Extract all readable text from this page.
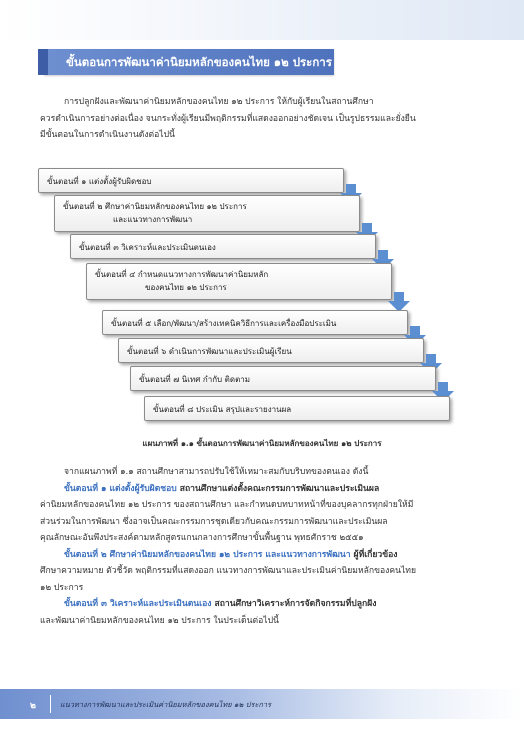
ขั้นตอนการพัฒนาค่านิยมหลักของคนไทย ๑๒ ประการ
การปลูกฝังและพัฒนาค่านิยมหลักของคนไทย ๑๒ ประการ ให้กับผู้เรียนในสถานศึกษา
ควรดำเนินการอย่างต่อเนื่อง จนกระทั่งผู้เรียนมีพฤติกรรมที่แสดงออกอย่างชัดเจน เป็นรูปธรรมและยั่งยืน
มีขั้นตอนในการดำเนินงานดังต่อไปนี้
ขั้นตอนที่ ๑ แต่งตั้งผู้รับผิดชอบ
ขั้นตอนที่ ๒ ศึกษาค่านิยมหลักของคนไทย ๑๒ ประการ
และแนวทางการพัฒนา
ขั้นตอนที่ ๓ วิเคราะห์และประเมินตนเอง
ขั้นตอนที่ ๔ กำหนดแนวทางการพัฒนาค่านิยมหลัก
ของคนไทย ๑๒ ประการ
ขั้นตอนที่ ๕ เลือก/พัฒนา/สร้างเทคนิควิธีการและเครื่องมือประเมิน
ขั้นตอนที่ ๖ ดำเนินการพัฒนาและประเมินผู้เรียน
ขั้นตอนที่ ๗ นิเทศ กำกับ ติดตาม
ขั้นตอนที่ ๘ ประเมิน สรุปและรายงานผล
แผนภาพที่ ๑.๑ ขั้นตอนการพัฒนาค่านิยมหลักของคนไทย ๑๒ ประการ
จากแผนภาพที่ ๑.๑ สถานศึกษาสามารถปรับใช้ให้เหมาะสมกับบริบทของตนเอง ดังนี้
ขั้นตอนที่ ๑ แต่งตั้งผู้รับผิดชอบ สถานศึกษาแต่งตั้งคณะกรรมการพัฒนาและประเมินผล
ค่านิยมหลักของคนไทย ๑๒ ประการ ของสถานศึกษา และกำหนดบทบาทหน้าที่ของบุคลากรทุกฝ่ายให้มี
ส่วนร่วมในการพัฒนา ซึ่งอาจเป็นคณะกรรมการชุดเดียวกับคณะกรรมการพัฒนาและประเมินผล
คุณลักษณะอันพึงประสงค์ตามหลักสูตรแกนกลางการศึกษาขั้นพื้นฐาน พุทธศักราช ๒๕๕๑
ขั้นตอนที่ ๒ ศึกษาค่านิยมหลักของคนไทย ๑๒ ประการ และแนวทางการพัฒนา ผู้ที่เกี่ยวข้อง
ศึกษาความหมาย ตัวชี้วัด พฤติกรรมที่แสดงออก แนวทางการพัฒนาและประเมินค่านิยมหลักของคนไทย
๑๒ ประการ
ขั้นตอนที่ ๓ วิเคราะห์และประเมินตนเอง สถานศึกษาวิเคราะห์การจัดกิจกรรมที่ปลูกฝัง
และพัฒนาค่านิยมหลักของคนไทย ๑๒ ประการ ในประเด็นต่อไปนี้
๒	แนวทางการพัฒนาและประเมินค่านิยมหลักของคนไทย ๑๒ ประการ
